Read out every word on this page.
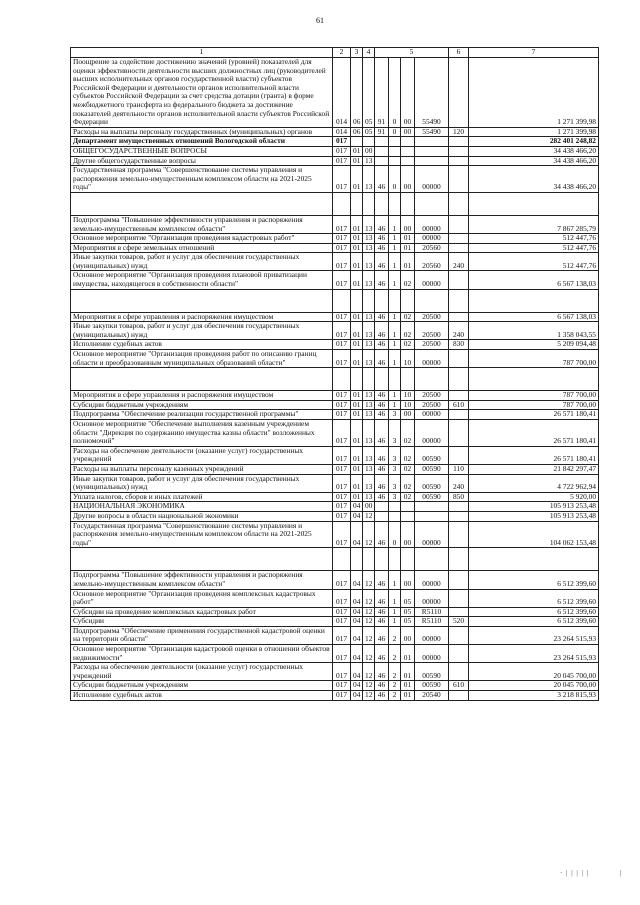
61
1	2	3	4	5				6	7
Поощрение за содействие достижению значений (уровней) показателей для оценки эффективности деятельности высших должностных лиц (руководителей высших исполнительных органов государственной власти) субъектов Российской Федерации и деятельности органов исполнительной власти субъектов Российской Федерации за счет средства дотации (гранта) в форме межбюджетного трансферта из федерального бюджета за достижение показателей деятельности органов исполнительной власти субъектов Российской Федерации	014	06	05	91	0	00	55490		1 271 399,98
Расходы на выплаты персоналу государственных (муниципальных) органов	014	06	05	91	0	00	55490	120	1 271 399,98
Департамент имущественных отношений Вологодской области	017								282 401 248,82
ОБЩЕГОСУДАРСТВЕННЫЕ ВОПРОСЫ	017	01	00						34 438 466,20
Другие общегосударственные вопросы	017	01	13						34 438 466,20
Государственная программа "Совершенствование системы управления и распоряжения земельно-имущественным комплексом области на 2021-2025 годы"	017	01	13	46	0	00	00000		34 438 466,20

Подпрограмма "Повышение эффективности управления и распоряжения земельно-имущественным комплексом области"	017	01	13	46	1	00	00000		7 867 285,79
Основное мероприятие "Организация проведения кадастровых работ"	017	01	13	46	1	01	00000		512 447,76
Мероприятия в сфере земельных отношений	017	01	13	46	1	01	20560		512 447,76
Иные закупки товаров, работ и услуг для обеспечения государственных (муниципальных) нужд	017	01	13	46	1	01	20560	240	512 447,76
Основное мероприятие "Организация проведения плановой приватизации имущества, находящегося в собственности области"	017	01	13	46	1	02	00000		6 567 138,03

Мероприятия в сфере управления и распоряжения имуществом	017	01	13	46	1	02	20500		6 567 138,03
Иные закупки товаров, работ и услуг для обеспечения государственных (муниципальных) нужд	017	01	13	46	1	02	20500	240	1 358 043,55
Исполнение судебных актов	017	01	13	46	1	02	20500	830	5 209 094,48
Основное мероприятие "Организация проведения работ по описанию границ области и преобразованным муниципальных образований области"	017	01	13	46	1	10	00000		787 700,00

Мероприятия в сфере управления и распоряжения имуществом	017	01	13	46	1	10	20500		787 700,00
Субсидии бюджетным учреждениям	017	01	13	46	1	10	20500	610	787 700,00
Подпрограмма "Обеспечение реализации государственной программы"	017	01	13	46	3	00	00000		26 571 180,41
Основное мероприятие "Обеспечение выполнения казенным учреждением области "Дирекция по содержанию имущества казны области" возложенных полномочий"	017	01	13	46	3	02	00000		26 571 180,41
Расходы на обеспечение деятельности (оказание услуг) государственных учреждений	017	01	13	46	3	02	00590		26 571 180,41
Расходы на выплаты персоналу казенных учреждений	017	01	13	46	3	02	00590	110	21 842 297,47
Иные закупки товаров, работ и услуг для обеспечения государственных (муниципальных) нужд	017	01	13	46	3	02	00590	240	4 722 962,94
Уплата налогов, сборов и иных платежей	017	01	13	46	3	02	00590	850	5 920,00
НАЦИОНАЛЬНАЯ ЭКОНОМИКА	017	04	00						105 913 253,48
Другие вопросы в области национальной экономики	017	04	12						105 913 253,48
Государственная программа "Совершенствование системы управления и распоряжения земельно-имущественным комплексом области на 2021-2025 годы"	017	04	12	46	0	00	00000		104 062 153,48

Подпрограмма "Повышение эффективности управления и распоряжения земельно-имущественным комплексом области"	017	04	12	46	1	00	00000		6 512 399,60
Основное мероприятие "Организация проведения комплексных кадастровых работ"	017	04	12	46	1	05	00000		6 512 399,60
Субсидии на проведение комплексных кадастровых работ	017	04	12	46	1	05	R5110		6 512 399,60
Субсидии	017	04	12	46	1	05	R5110	520	6 512 399,60
Подпрограмма "Обеспечение применения государственной кадастровой оценки на территории области"	017	04	12	46	2	00	00000		23 264 515,93
Основное мероприятие "Организация кадастровой оценки в отношении объектов недвижимости"	017	04	12	46	2	01	00000		23 264 515,93
Расходы на обеспечение деятельности (оказание услуг) государственных учреждений	017	04	12	46	2	01	00590		20 045 700,00
Субсидии бюджетным учреждениям	017	04	12	46	2	01	00590	610	20 045 700,00
Исполнение судебных актов	017	04	12	46	2	01	20540		3 218 815,93
· | | | | |	|
